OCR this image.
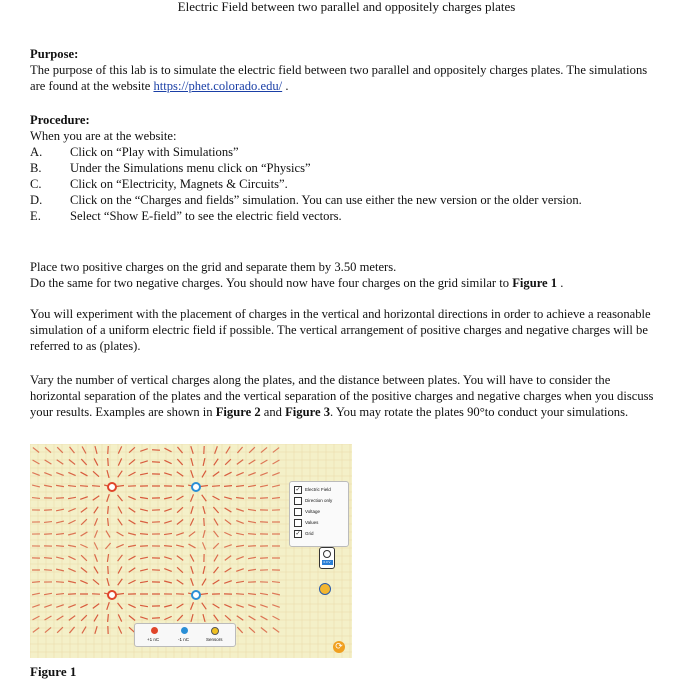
Electric Field between two parallel and oppositely charges plates
Purpose:
The purpose of this lab is to simulate the electric field between two parallel and oppositely charges plates. The simulations are found at the website https://phet.colorado.edu/ .
Procedure:
When you are at the website:
A.	Click on “Play with Simulations”
B.	Under the Simulations menu click on “Physics”
C.	Click on “Electricity, Magnets & Circuits”.
D.	Click on the “Charges and fields” simulation. You can use either the new version or the older version.
E.	Select “Show E-field” to see the electric field vectors.
Place two positive charges on the grid and separate them by 3.50 meters.
Do the same for two negative charges. You should now have four charges on the grid similar to Figure 1 .
You will experiment with the placement of charges in the vertical and horizontal directions in order to achieve a reasonable simulation of a uniform electric field if possible. The vertical arrangement of positive charges and negative charges will be referred to as (plates).
Vary the number of vertical charges along the plates, and the distance between plates. You will have to consider the horizontal separation of the plates and the vertical separation of the positive charges and negative charges when you discuss your results. Examples are shown in Figure 2 and Figure 3. You may rotate the plates 90°to conduct your simulations.
✓ Electric Field
Direction only
Voltage
Values
✓ Grid
0.0 V
⟳
+1 nC	-1 nC	Sensors
Figure 1
